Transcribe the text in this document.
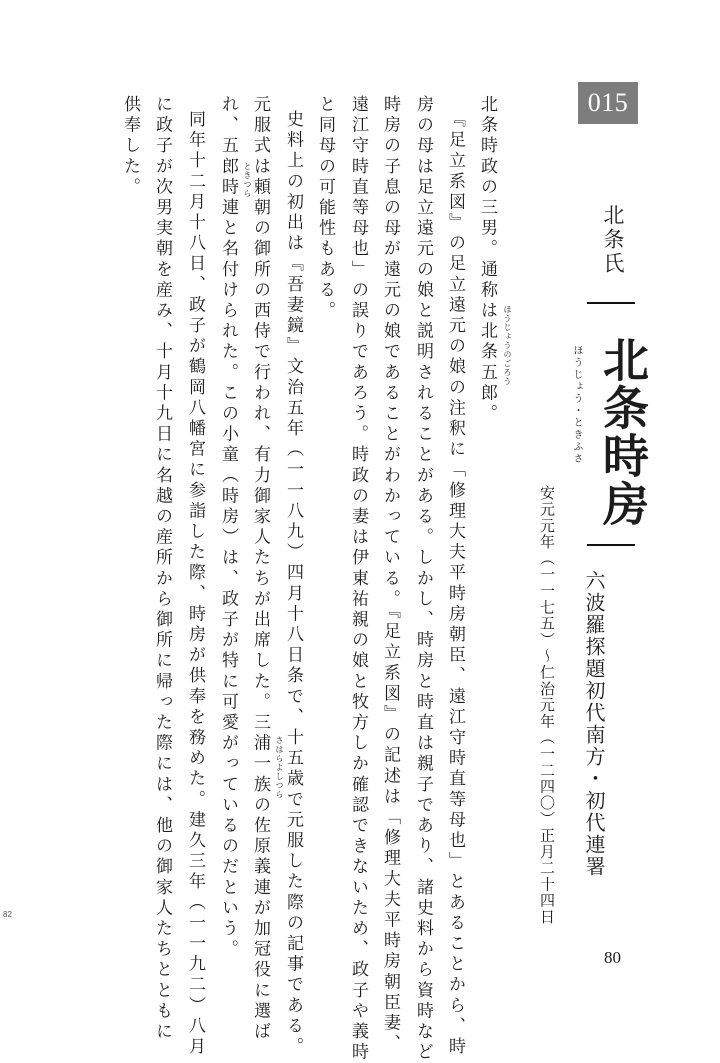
015
北条氏
北条時房
ほうじょう・ときふさ
安元元年（一一七五）～仁治元年（一二四〇）正月二十四日 六波羅探題初代南方・初代連署
北条時政の三男。通称は北条五郎。
『足立系図』の足立遠元の娘の注釈に「修理大夫平時房朝臣、遠江守時直等母也」とあることから、時
房の母は足立遠元の娘と説明されることがある。しかし、時房と時直は親子であり、諸史料から資時など
時房の子息の母が遠元の娘であることがわかっている。『足立系図』の記述は「修理大夫平時房朝臣妻、
遠江守時直等母也」の誤りであろう。時政の妻は伊東祐親の娘と牧方しか確認できないため、政子や義時
と同母の可能性もある。
史料上の初出は『吾妻鏡』文治五年（一一八九）四月十八日条で、十五歳で元服した際の記事である。
元服式は頼朝の御所の西侍で行われ、有力御家人たちが出席した。三浦一族の佐原義連が加冠役に選ば
れ、五郎時連と名付けられた。この小童（時房）は、政子が特に可愛がっているのだという。
同年十二月十八日、政子が鶴岡八幡宮に参詣した際、時房が供奉を務めた。建久三年（一一九二）八月
に政子が次男実朝を産み、十月十九日に名越の産所から御所に帰った際には、他の御家人たちとともに
供奉した。
ほうじょうのごろう
ときつら
さはらよしつら
80
82
